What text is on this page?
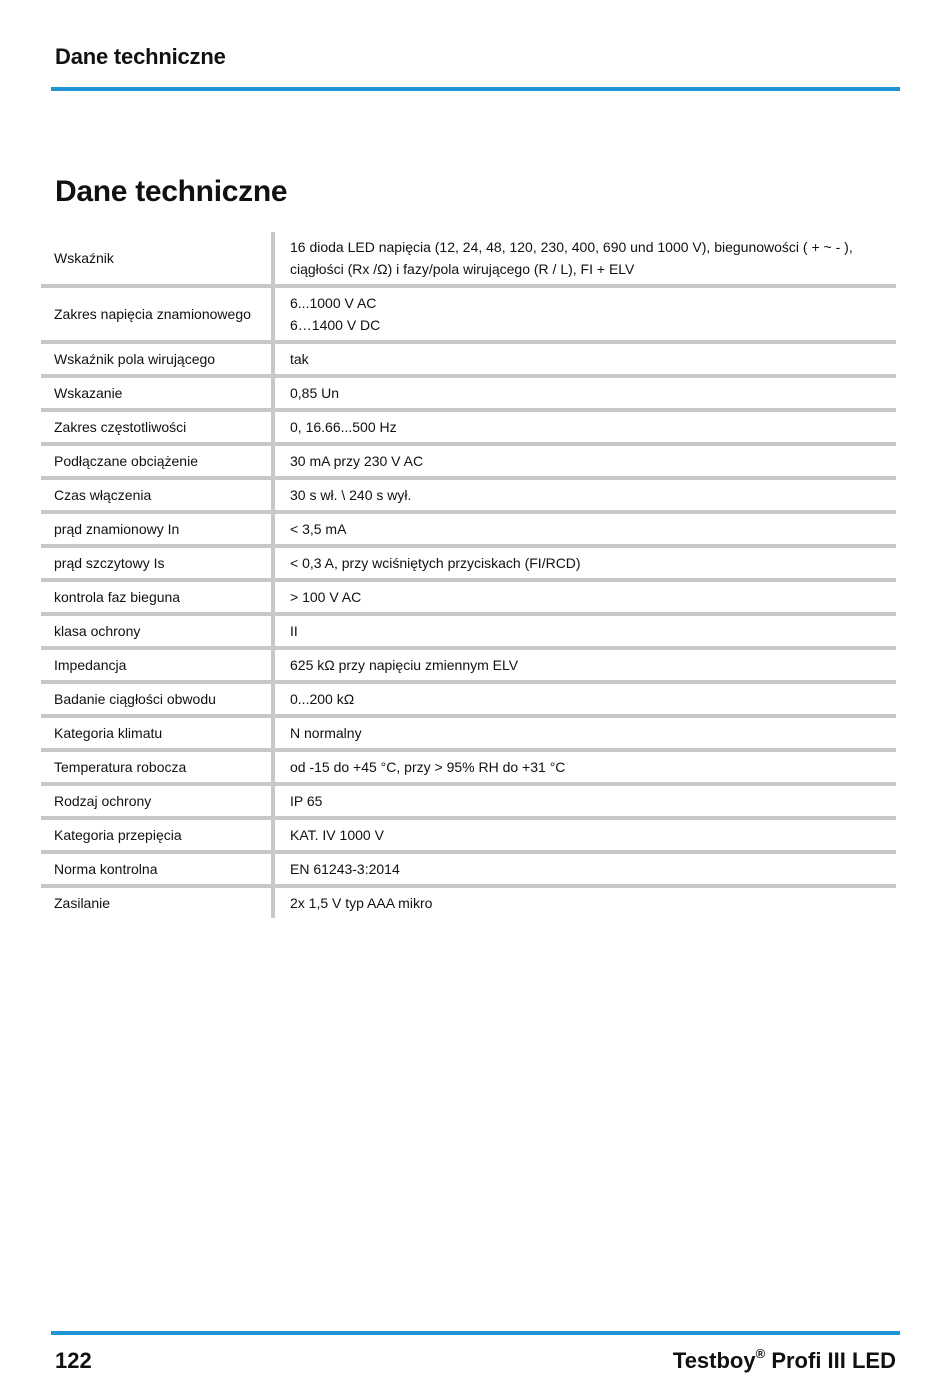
Dane techniczne
Dane techniczne
Wskaźnik	16 dioda LED napięcia (12, 24, 48, 120, 230, 400, 690 und 1000 V), biegunowości ( + ~ - ),
ciągłości (Rx /Ω) i fazy/pola wirującego (R / L), FI + ELV

Zakres napięcia znamionowego	6...1000 V AC
6…1400 V DC

Wskaźnik pola wirującego	tak

Wskazanie	0,85 Un

Zakres częstotliwości	0, 16.66...500 Hz

Podłączane obciążenie	30 mA przy 230 V AC

Czas włączenia	30 s wł. \ 240 s wył.

prąd znamionowy In	< 3,5 mA

prąd szczytowy Is	< 0,3 A, przy wciśniętych przyciskach (FI/RCD)

kontrola faz bieguna	> 100 V AC

klasa ochrony	II

Impedancja	625 kΩ przy napięciu zmiennym ELV

Badanie ciągłości obwodu	0...200 kΩ

Kategoria klimatu	N normalny

Temperatura robocza	od -15 do +45 °C, przy > 95% RH do +31 °C

Rodzaj ochrony	IP 65

Kategoria przepięcia	KAT. IV 1000 V

Norma kontrolna	EN 61243-3:2014

Zasilanie	2x 1,5 V typ AAA mikro
122	Testboy® Profi III LED
